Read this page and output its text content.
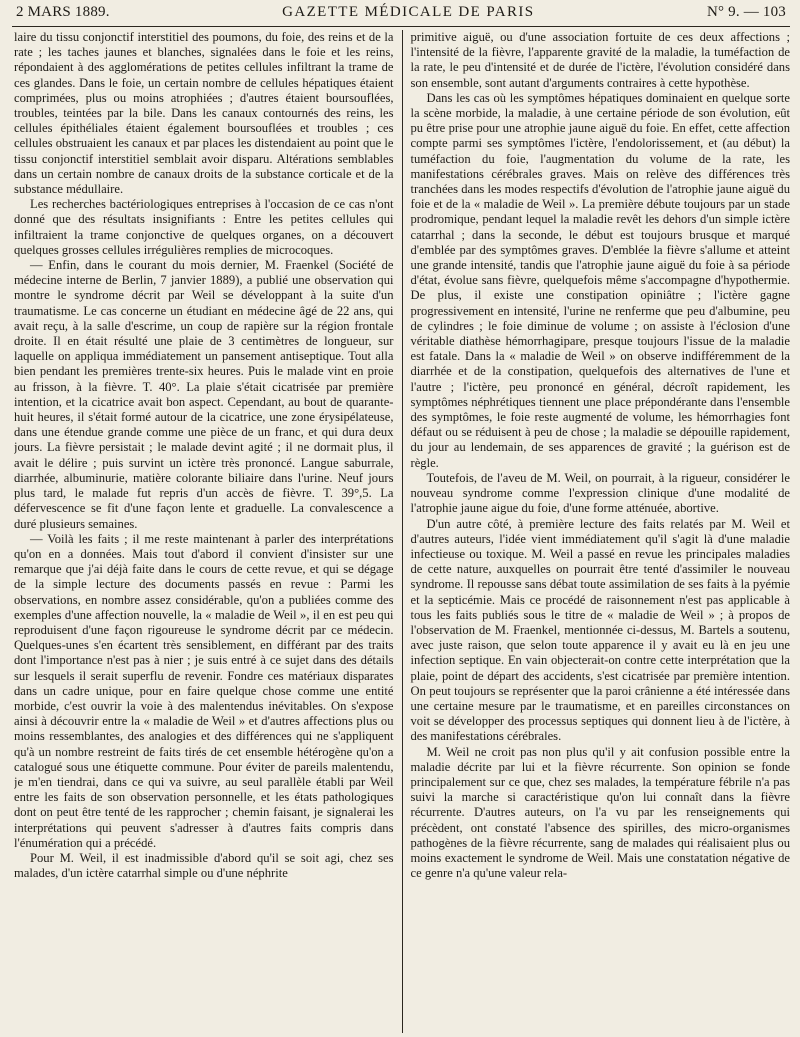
2 MARS 1889.	GAZETTE MÉDICALE DE PARIS	N° 9. — 103

laire du tissu conjonctif interstitiel des poumons, du foie, des reins et de la rate ; les taches jaunes et blanches, signalées dans le foie et les reins, répondaient à des agglomérations de petites cellules infiltrant la trame de ces glandes. Dans le foie, un certain nombre de cellules hépatiques étaient comprimées, plus ou moins atrophiées ; d'autres étaient boursouflées, troubles, teintées par la bile. Dans les canaux contournés des reins, les cellules épithéliales étaient également boursouflées et troubles ; ces cellules obstruaient les canaux et par places les distendaient au point que le tissu conjonctif interstitiel semblait avoir disparu. Altérations semblables dans un certain nombre de canaux droits de la substance corticale et de la substance médullaire.

Les recherches bactériologiques entreprises à l'occasion de ce cas n'ont donné que des résultats insignifiants : Entre les petites cellules qui infiltraient la trame conjonctive de quelques organes, on a découvert quelques grosses cellules irrégulières remplies de microcoques.

— Enfin, dans le courant du mois dernier, M. Fraenkel (Société de médecine interne de Berlin, 7 janvier 1889), a publié une observation qui montre le syndrome décrit par Weil se développant à la suite d'un traumatisme. Le cas concerne un étudiant en médecine âgé de 22 ans, qui avait reçu, à la salle d'escrime, un coup de rapière sur la région frontale droite. Il en était résulté une plaie de 3 centimètres de longueur, sur laquelle on appliqua immédiatement un pansement antiseptique. Tout alla bien pendant les premières trente-six heures. Puis le malade vint en proie au frisson, à la fièvre. T. 40°. La plaie s'était cicatrisée par première intention, et la cicatrice avait bon aspect. Cependant, au bout de quarante-huit heures, il s'était formé autour de la cicatrice, une zone érysipélateuse, dans une étendue grande comme une pièce de un franc, et qui dura deux jours. La fièvre persistait ; le malade devint agité ; il ne dormait plus, il avait le délire ; puis survint un ictère très prononcé. Langue saburrale, diarrhée, albuminurie, matière colorante biliaire dans l'urine. Neuf jours plus tard, le malade fut repris d'un accès de fièvre. T. 39°,5. La défervescence se fit d'une façon lente et graduelle. La convalescence a duré plusieurs semaines.

— Voilà les faits ; il me reste maintenant à parler des interprétations qu'on en a données. Mais tout d'abord il convient d'insister sur une remarque que j'ai déjà faite dans le cours de cette revue, et qui se dégage de la simple lecture des documents passés en revue : Parmi les observations, en nombre assez considérable, qu'on a publiées comme des exemples d'une affection nouvelle, la « maladie de Weil », il en est peu qui reproduisent d'une façon rigoureuse le syndrome décrit par ce médecin. Quelques-unes s'en écartent très sensiblement, en différant par des traits dont l'importance n'est pas à nier ; je suis entré à ce sujet dans des détails sur lesquels il serait superflu de revenir. Fondre ces matériaux disparates dans un cadre unique, pour en faire quelque chose comme une entité morbide, c'est ouvrir la voie à des malentendus inévitables. On s'expose ainsi à découvrir entre la « maladie de Weil » et d'autres affections plus ou moins ressemblantes, des analogies et des différences qui ne s'appliquent qu'à un nombre restreint de faits tirés de cet ensemble hétérogène qu'on a catalogué sous une étiquette commune. Pour éviter de pareils malentendu, je m'en tiendrai, dans ce qui va suivre, au seul parallèle établi par Weil entre les faits de son observation personnelle, et les états pathologiques dont on peut être tenté de les rapprocher ; chemin faisant, je signalerai les interprétations qui peuvent s'adresser à d'autres faits compris dans l'énumération qui a précédé.

Pour M. Weil, il est inadmissible d'abord qu'il se soit agi, chez ses malades, d'un ictère catarrhal simple ou d'une néphrite

primitive aiguë, ou d'une association fortuite de ces deux affections ; l'intensité de la fièvre, l'apparente gravité de la maladie, la tuméfaction de la rate, le peu d'intensité et de durée de l'ictère, l'évolution considéré dans son ensemble, sont autant d'arguments contraires à cette hypothèse.

Dans les cas où les symptômes hépatiques dominaient en quelque sorte la scène morbide, la maladie, à une certaine période de son évolution, eût pu être prise pour une atrophie jaune aiguë du foie. En effet, cette affection compte parmi ses symptômes l'ictère, l'endolorissement, et (au début) la tuméfaction du foie, l'augmentation du volume de la rate, les manifestations cérébrales graves. Mais on relève des différences très tranchées dans les modes respectifs d'évolution de l'atrophie jaune aiguë du foie et de la « maladie de Weil ». La première débute toujours par un stade prodromique, pendant lequel la maladie revêt les dehors d'un simple ictère catarrhal ; dans la seconde, le début est toujours brusque et marqué d'emblée par des symptômes graves. D'emblée la fièvre s'allume et atteint une grande intensité, tandis que l'atrophie jaune aiguë du foie à sa période d'état, évolue sans fièvre, quelquefois même s'accompagne d'hypothermie. De plus, il existe une constipation opiniâtre ; l'ictère gagne progressivement en intensité, l'urine ne renferme que peu d'albumine, peu de cylindres ; le foie diminue de volume ; on assiste à l'éclosion d'une véritable diathèse hémorrhagipare, presque toujours l'issue de la maladie est fatale. Dans la « maladie de Weil » on observe indifféremment de la diarrhée et de la constipation, quelquefois des alternatives de l'une et l'autre ; l'ictère, peu prononcé en général, décroît rapidement, les symptômes néphrétiques tiennent une place prépondérante dans l'ensemble des symptômes, le foie reste augmenté de volume, les hémorrhagies font défaut ou se réduisent à peu de chose ; la maladie se dépouille rapidement, du jour au lendemain, de ses apparences de gravité ; la guérison est de règle.

Toutefois, de l'aveu de M. Weil, on pourrait, à la rigueur, considérer le nouveau syndrome comme l'expression clinique d'une modalité de l'atrophie jaune aigue du foie, d'une forme atténuée, abortive.

D'un autre côté, à première lecture des faits relatés par M. Weil et d'autres auteurs, l'idée vient immédiatement qu'il s'agit là d'une maladie infectieuse ou toxique. M. Weil a passé en revue les principales maladies de cette nature, auxquelles on pourrait être tenté d'assimiler le nouveau syndrome. Il repousse sans débat toute assimilation de ses faits à la pyémie et la septicémie. Mais ce procédé de raisonnement n'est pas applicable à tous les faits publiés sous le titre de « maladie de Weil » ; à propos de l'observation de M. Fraenkel, mentionnée ci-dessus, M. Bartels a soutenu, avec juste raison, que selon toute apparence il y avait eu là en jeu une infection septique. En vain objecterait-on contre cette interprétation que la plaie, point de départ des accidents, s'est cicatrisée par première intention. On peut toujours se représenter que la paroi crânienne a été intéressée dans une certaine mesure par le traumatisme, et en pareilles circonstances on voit se développer des processus septiques qui donnent lieu à de l'ictère, à des manifestations cérébrales.

M. Weil ne croit pas non plus qu'il y ait confusion possible entre la maladie décrite par lui et la fièvre récurrente. Son opinion se fonde principalement sur ce que, chez ses malades, la température fébrile n'a pas suivi la marche si caractéristique qu'on lui connaît dans la fièvre récurrente. D'autres auteurs, on l'a vu par les renseignements qui précèdent, ont constaté l'absence des spirilles, des micro-organismes pathogènes de la fièvre récurrente, sang de malades qui réalisaient plus ou moins exactement le syndrome de Weil. Mais une constatation négative de ce genre n'a qu'une valeur rela-
